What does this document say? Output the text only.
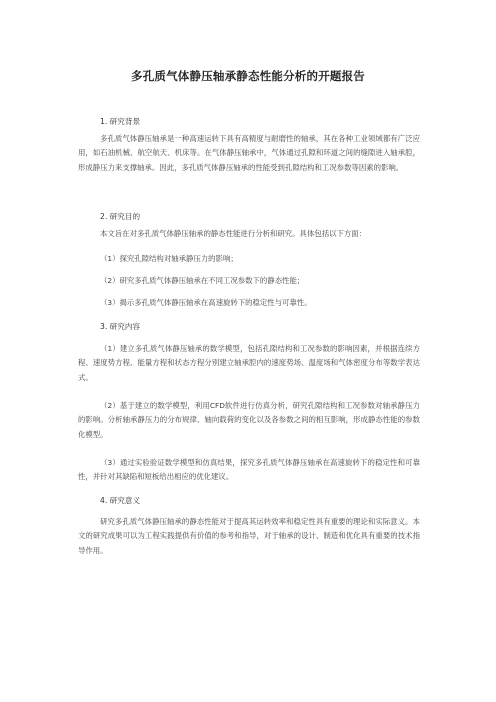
多孔质气体静压轴承静态性能分析的开题报告
1. 研究背景
多孔质气体静压轴承是一种高速运转下具有高精度与耐磨性的轴承，其在各种工业领域都有广泛应用，如石油机械、航空航天、机床等。在气体静压轴承中，气体通过孔隙和环道之间的缝隙进入轴承腔，形成静压力来支撑轴承。因此，多孔质气体静压轴承的性能受到孔隙结构和工况参数等因素的影响。
2. 研究目的
本文旨在对多孔质气体静压轴承的静态性能进行分析和研究。具体包括以下方面：
（1）探究孔隙结构对轴承静压力的影响；
（2）研究多孔质气体静压轴承在不同工况参数下的静态性能；
（3）揭示多孔质气体静压轴承在高速旋转下的稳定性与可靠性。
3. 研究内容
（1）建立多孔质气体静压轴承的数学模型，包括孔隙结构和工况参数的影响因素，并根据连续方程、速度势方程、能量方程和状态方程分别建立轴承腔内的速度势场、温度场和气体密度分布等数学表达式。
（2）基于建立的数学模型，利用CFD软件进行仿真分析，研究孔隙结构和工况参数对轴承静压力的影响。分析轴承静压力的分布规律、轴向载荷的变化以及各参数之间的相互影响，形成静态性能的参数化模型。
（3）通过实验验证数学模型和仿真结果，探究多孔质气体静压轴承在高速旋转下的稳定性和可靠性，并针对其缺陷和短板给出相应的优化建议。
4. 研究意义
研究多孔质气体静压轴承的静态性能对于提高其运转效率和稳定性具有重要的理论和实际意义。本文的研究成果可以为工程实践提供有价值的参考和指导，对于轴承的设计、制造和优化具有重要的技术指导作用。
